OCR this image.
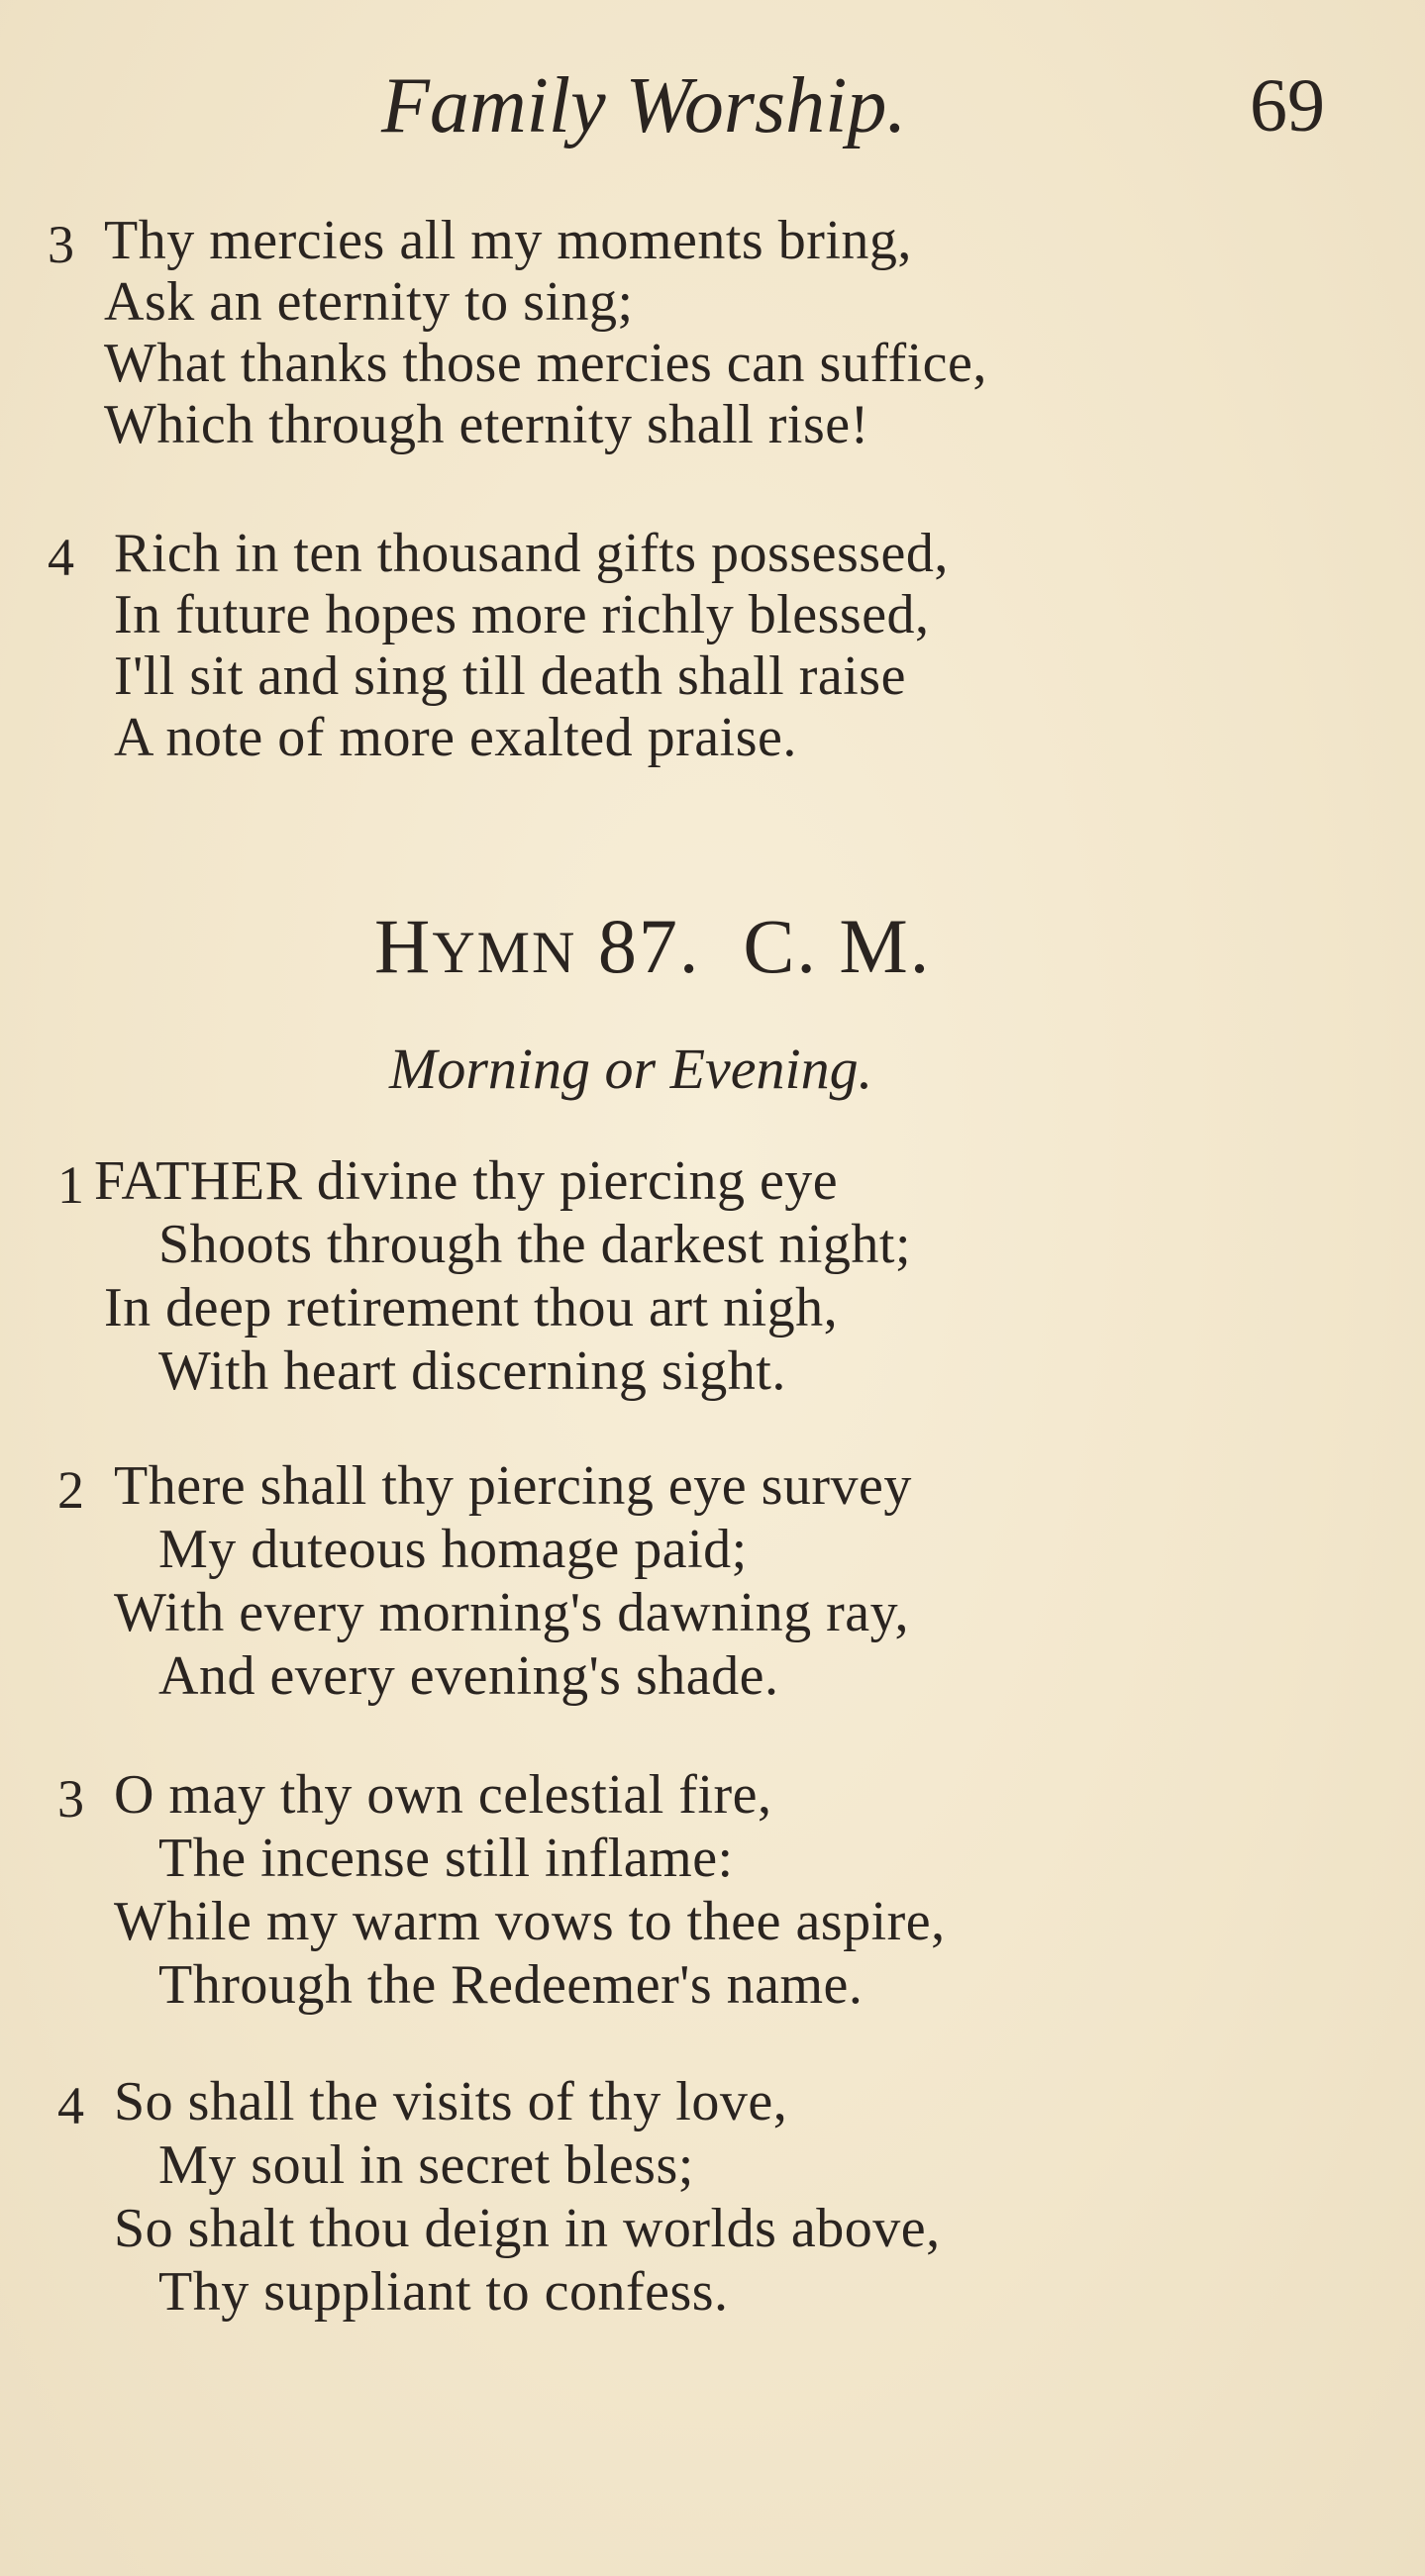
Family Worship.	69
3 Thy mercies all my moments bring,
Ask an eternity to sing;
What thanks those mercies can suffice,
Which through eternity shall rise!
4 Rich in ten thousand gifts possessed,
In future hopes more richly blessed,
I'll sit and sing till death shall raise
A note of more exalted praise.
HYMN 87.  C. M.
Morning or Evening.
1 FATHER divine thy piercing eye
Shoots through the darkest night;
In deep retirement thou art nigh,
With heart discerning sight.
2 There shall thy piercing eye survey
My duteous homage paid;
With every morning's dawning ray,
And every evening's shade.
3 O may thy own celestial fire,
The incense still inflame:
While my warm vows to thee aspire,
Through the Redeemer's name.
4 So shall the visits of thy love,
My soul in secret bless;
So shalt thou deign in worlds above,
Thy suppliant to confess.
